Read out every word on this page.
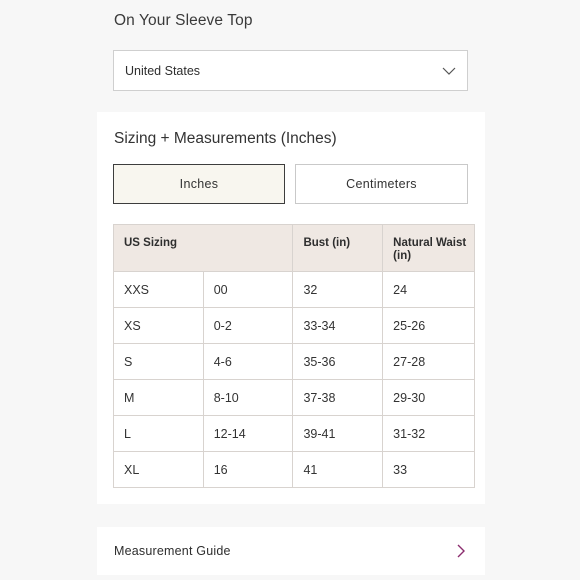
On Your Sleeve Top
United States
Sizing + Measurements (Inches)
Inches	Centimeters
US Sizing		Bust (in)	Natural Waist (in)
XXS	00	32	24
XS	0-2	33-34	25-26
S	4-6	35-36	27-28
M	8-10	37-38	29-30
L	12-14	39-41	31-32
XL	16	41	33
Measurement Guide
